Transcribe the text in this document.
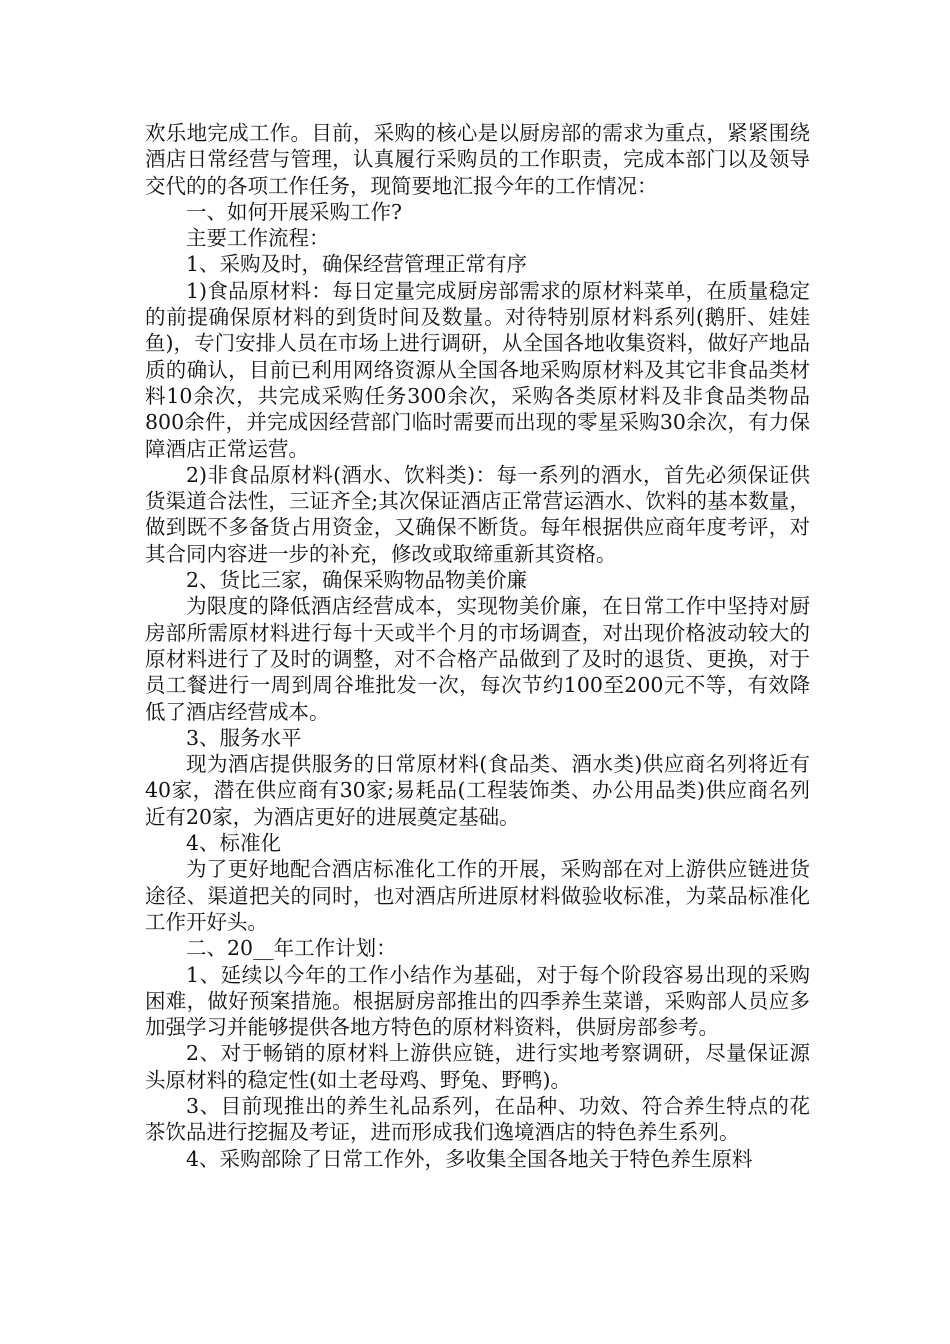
欢乐地完成工作。目前，采购的核心是以厨房部的需求为重点，紧紧围绕酒店日常经营与管理，认真履行采购员的工作职责，完成本部门以及领导交代的的各项工作任务，现简要地汇报今年的工作情况：

一、如何开展采购工作?

主要工作流程：

1、采购及时，确保经营管理正常有序

1)食品原材料：每日定量完成厨房部需求的原材料菜单，在质量稳定的前提确保原材料的到货时间及数量。对待特别原材料系列(鹅肝、娃娃鱼)，专门安排人员在市场上进行调研，从全国各地收集资料，做好产地品质的确认，目前已利用网络资源从全国各地采购原材料及其它非食品类材料10余次，共完成采购任务300余次，采购各类原材料及非食品类物品800余件，并完成因经营部门临时需要而出现的零星采购30余次，有力保障酒店正常运营。

2)非食品原材料(酒水、饮料类)：每一系列的酒水，首先必须保证供货渠道合法性，三证齐全;其次保证酒店正常营运酒水、饮料的基本数量，做到既不多备货占用资金，又确保不断货。每年根据供应商年度考评，对其合同内容进一步的补充，修改或取缔重新其资格。

2、货比三家，确保采购物品物美价廉

为限度的降低酒店经营成本，实现物美价廉，在日常工作中坚持对厨房部所需原材料进行每十天或半个月的市场调查，对出现价格波动较大的原材料进行了及时的调整，对不合格产品做到了及时的退货、更换，对于员工餐进行一周到周谷堆批发一次，每次节约100至200元不等，有效降低了酒店经营成本。

3、服务水平

现为酒店提供服务的日常原材料(食品类、酒水类)供应商名列将近有40家，潜在供应商有30家;易耗品(工程装饰类、办公用品类)供应商名列近有20家，为酒店更好的进展奠定基础。

4、标准化

为了更好地配合酒店标准化工作的开展，采购部在对上游供应链进货途径、渠道把关的同时，也对酒店所进原材料做验收标准，为菜品标准化工作开好头。

二、20__年工作计划：

1、延续以今年的工作小结作为基础，对于每个阶段容易出现的采购困难，做好预案措施。根据厨房部推出的四季养生菜谱，采购部人员应多加强学习并能够提供各地方特色的原材料资料，供厨房部参考。

2、对于畅销的原材料上游供应链，进行实地考察调研，尽量保证源头原材料的稳定性(如土老母鸡、野兔、野鸭)。

3、目前现推出的养生礼品系列，在品种、功效、符合养生特点的花茶饮品进行挖掘及考证，进而形成我们逸境酒店的特色养生系列。

4、采购部除了日常工作外，多收集全国各地关于特色养生原料
